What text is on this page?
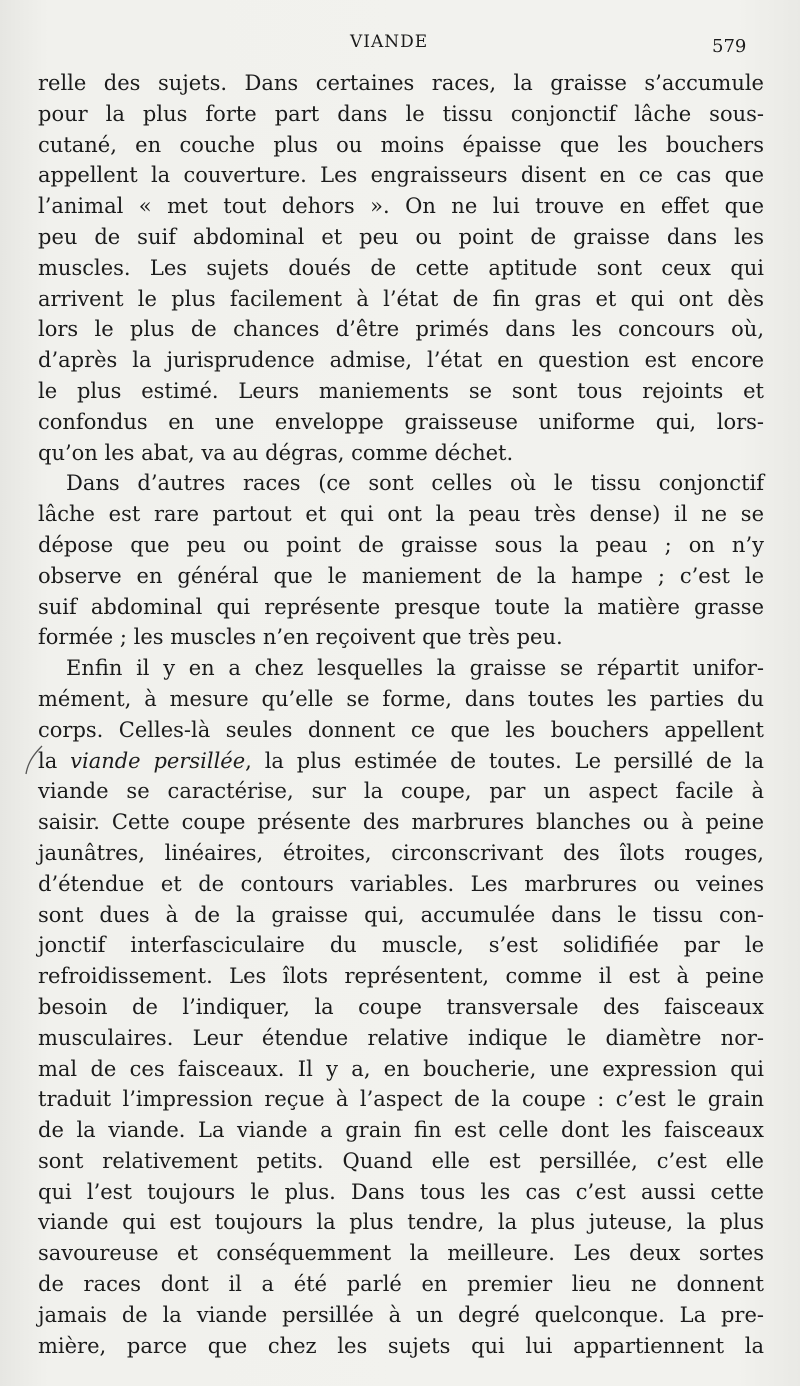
VIANDE	579
relle des sujets. Dans certaines races, la graisse s’accumule
pour la plus forte part dans le tissu conjonctif lâche sous-
cutané, en couche plus ou moins épaisse que les bouchers
appellent la couverture. Les engraisseurs disent en ce cas que
l’animal « met tout dehors ». On ne lui trouve en effet que
peu de suif abdominal et peu ou point de graisse dans les
muscles. Les sujets doués de cette aptitude sont ceux qui
arrivent le plus facilement à l’état de fin gras et qui ont dès
lors le plus de chances d’être primés dans les concours où,
d’après la jurisprudence admise, l’état en question est encore
le plus estimé. Leurs maniements se sont tous rejoints et
confondus en une enveloppe graisseuse uniforme qui, lors-
qu’on les abat, va au dégras, comme déchet.
Dans d’autres races (ce sont celles où le tissu conjonctif
lâche est rare partout et qui ont la peau très dense) il ne se
dépose que peu ou point de graisse sous la peau ; on n’y
observe en général que le maniement de la hampe ; c’est le
suif abdominal qui représente presque toute la matière grasse
formée ; les muscles n’en reçoivent que très peu.
Enfin il y en a chez lesquelles la graisse se répartit unifor-
mément, à mesure qu’elle se forme, dans toutes les parties du
corps. Celles-là seules donnent ce que les bouchers appellent
la viande persillée, la plus estimée de toutes. Le persillé de la
viande se caractérise, sur la coupe, par un aspect facile à
saisir. Cette coupe présente des marbrures blanches ou à peine
jaunâtres, linéaires, étroites, circonscrivant des îlots rouges,
d’étendue et de contours variables. Les marbrures ou veines
sont dues à de la graisse qui, accumulée dans le tissu con-
jonctif interfasciculaire du muscle, s’est solidifiée par le
refroidissement. Les îlots représentent, comme il est à peine
besoin de l’indiquer, la coupe transversale des faisceaux
musculaires. Leur étendue relative indique le diamètre nor-
mal de ces faisceaux. Il y a, en boucherie, une expression qui
traduit l’impression reçue à l’aspect de la coupe : c’est le grain
de la viande. La viande a grain fin est celle dont les faisceaux
sont relativement petits. Quand elle est persillée, c’est elle
qui l’est toujours le plus. Dans tous les cas c’est aussi cette
viande qui est toujours la plus tendre, la plus juteuse, la plus
savoureuse et conséquemment la meilleure. Les deux sortes
de races dont il a été parlé en premier lieu ne donnent
jamais de la viande persillée à un degré quelconque. La pre-
mière, parce que chez les sujets qui lui appartiennent la
